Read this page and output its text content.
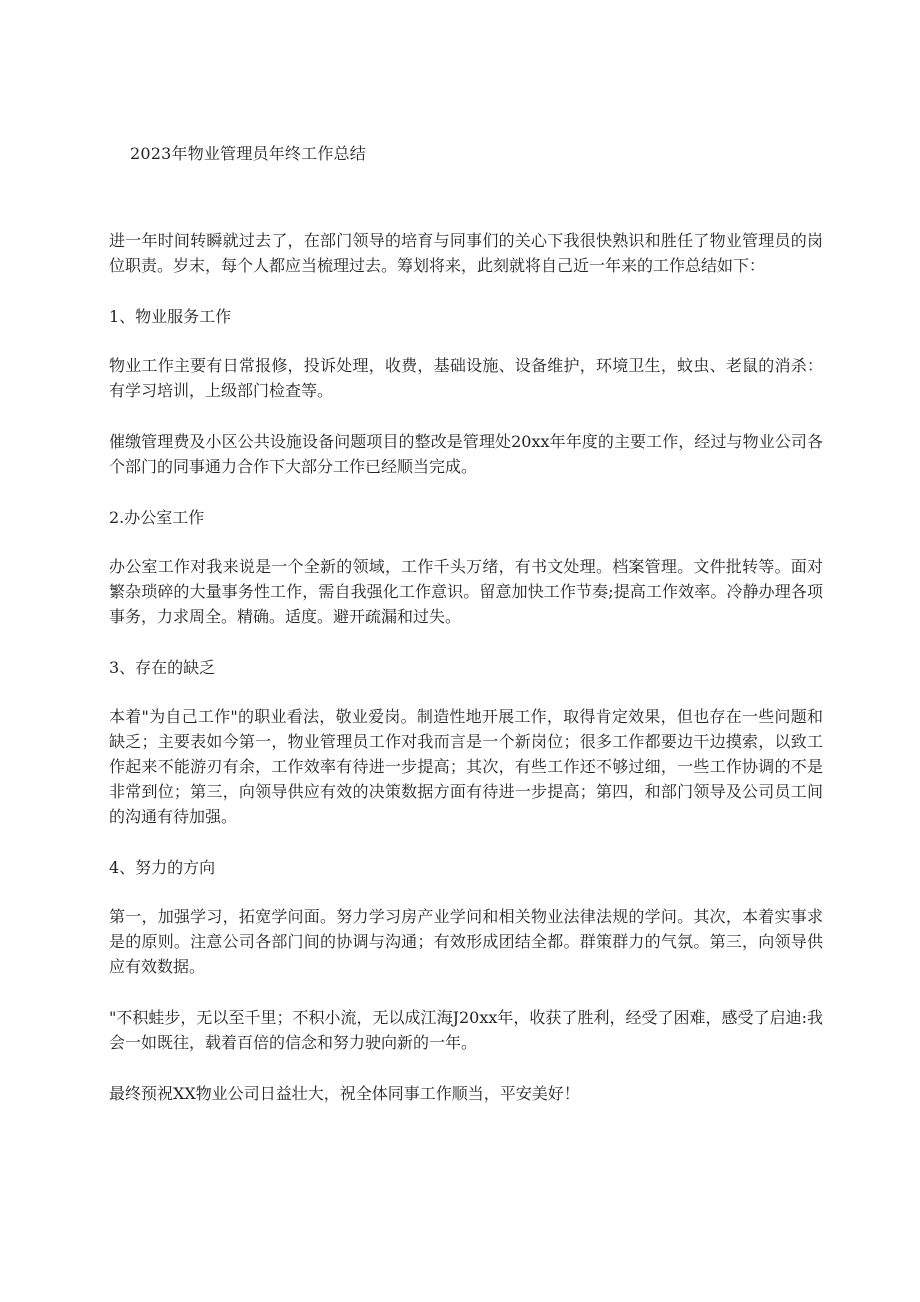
2023年物业管理员年终工作总结

进一年时间转瞬就过去了，在部门领导的培育与同事们的关心下我很快熟识和胜任了物业管理员的岗位职责。岁末，每个人都应当梳理过去。筹划将来，此刻就将自己近一年来的工作总结如下：

1、物业服务工作

物业工作主要有日常报修，投诉处理，收费，基础设施、设备维护，环境卫生，蚊虫、老鼠的消杀：有学习培训，上级部门检查等。

催缴管理费及小区公共设施设备问题项目的整改是管理处20xx年年度的主要工作，经过与物业公司各个部门的同事通力合作下大部分工作已经顺当完成。

2.办公室工作

办公室工作对我来说是一个全新的领域，工作千头万绪，有书文处理。档案管理。文件批转等。面对繁杂琐碎的大量事务性工作，需自我强化工作意识。留意加快工作节奏;提高工作效率。冷静办理各项事务，力求周全。精确。适度。避开疏漏和过失。

3、存在的缺乏

本着"为自己工作"的职业看法，敬业爱岗。制造性地开展工作，取得肯定效果，但也存在一些问题和缺乏；主要表如今第一，物业管理员工作对我而言是一个新岗位；很多工作都要边干边摸索，以致工作起来不能游刃有余，工作效率有待进一步提高；其次，有些工作还不够过细，一些工作协调的不是非常到位；第三，向领导供应有效的决策数据方面有待进一步提高；第四，和部门领导及公司员工间的沟通有待加强。

4、努力的方向

第一，加强学习，拓宽学问面。努力学习房产业学问和相关物业法律法规的学问。其次，本着实事求是的原则。注意公司各部门间的协调与沟通；有效形成团结全都。群策群力的气氛。第三，向领导供应有效数据。

"不积蛙步，无以至千里；不积小流，无以成江海J20xx年，收获了胜利，经受了困难，感受了启迪:我会一如既往，载着百倍的信念和努力驶向新的一年。

最终预祝XX物业公司日益壮大，祝全体同事工作顺当，平安美好！
